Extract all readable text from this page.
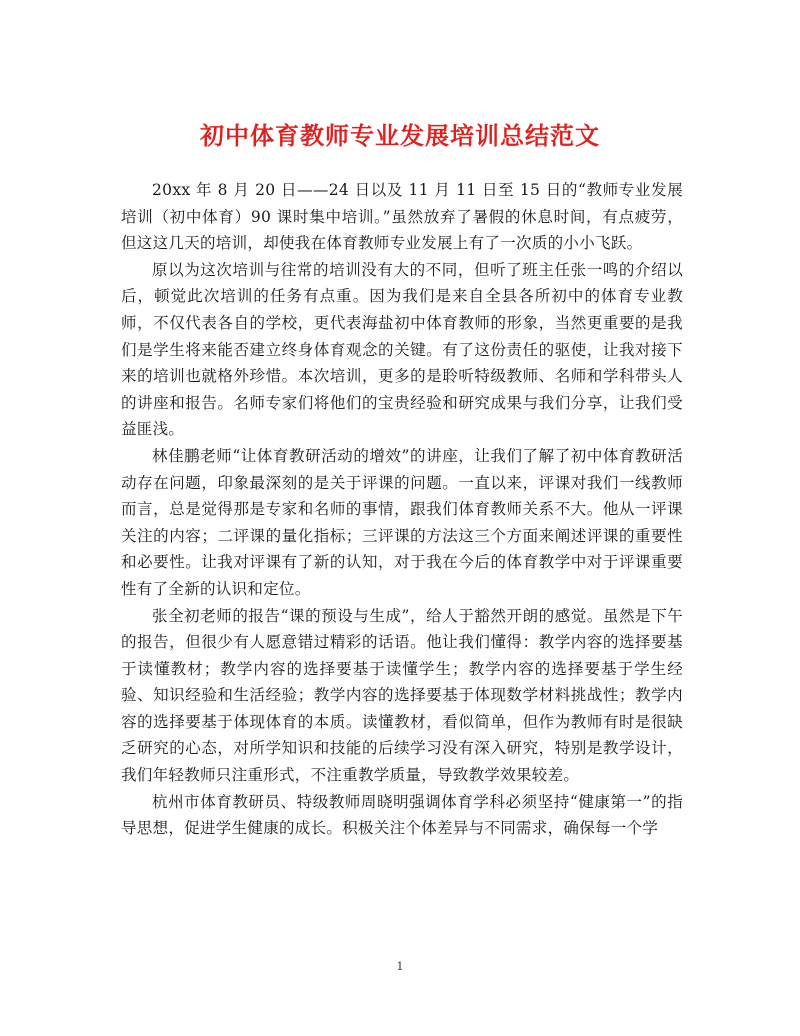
初中体育教师专业发展培训总结范文

20xx 年 8 月 20 日——24 日以及 11 月 11 日至 15 日的“教师专业发展培训（初中体育）90 课时集中培训。”虽然放弃了暑假的休息时间，有点疲劳，但这这几天的培训，却使我在体育教师专业发展上有了一次质的小小飞跃。

原以为这次培训与往常的培训没有大的不同，但听了班主任张一鸣的介绍以后，顿觉此次培训的任务有点重。因为我们是来自全县各所初中的体育专业教师，不仅代表各自的学校，更代表海盐初中体育教师的形象，当然更重要的是我们是学生将来能否建立终身体育观念的关键。有了这份责任的驱使，让我对接下来的培训也就格外珍惜。本次培训，更多的是聆听特级教师、名师和学科带头人的讲座和报告。名师专家们将他们的宝贵经验和研究成果与我们分享，让我们受益匪浅。

林佳鹏老师“让体育教研活动的增效”的讲座，让我们了解了初中体育教研活动存在问题，印象最深刻的是关于评课的问题。一直以来，评课对我们一线教师而言，总是觉得那是专家和名师的事情，跟我们体育教师关系不大。他从一评课关注的内容；二评课的量化指标；三评课的方法这三个方面来阐述评课的重要性和必要性。让我对评课有了新的认知，对于我在今后的体育教学中对于评课重要性有了全新的认识和定位。

张全初老师的报告“课的预设与生成”，给人于豁然开朗的感觉。虽然是下午的报告，但很少有人愿意错过精彩的话语。他让我们懂得：教学内容的选择要基于读懂教材；教学内容的选择要基于读懂学生；教学内容的选择要基于学生经验、知识经验和生活经验；教学内容的选择要基于体现数学材料挑战性；教学内容的选择要基于体现体育的本质。读懂教材，看似简单，但作为教师有时是很缺乏研究的心态，对所学知识和技能的后续学习没有深入研究，特别是教学设计，我们年轻教师只注重形式，不注重教学质量，导致教学效果较差。

杭州市体育教研员、特级教师周晓明强调体育学科必须坚持“健康第一”的指导思想，促进学生健康的成长。积极关注个体差异与不同需求，确保每一个学

1
